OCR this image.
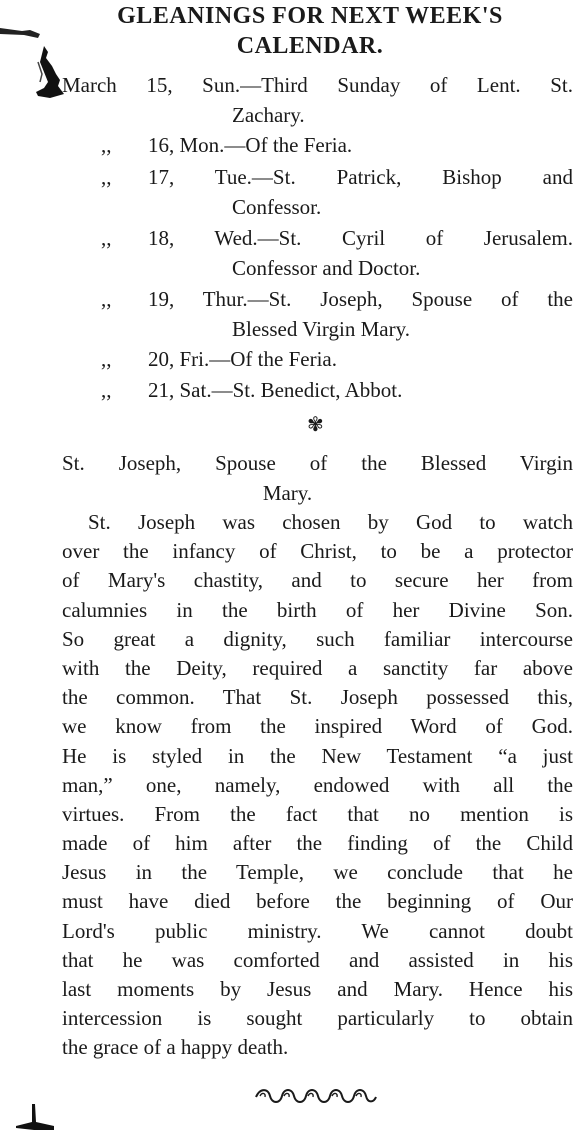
GLEANINGS FOR NEXT WEEK'S
CALENDAR.
March 15, Sun.—Third Sunday of Lent. St.
Zachary.
,, 16, Mon.—Of the Feria.
,, 17, Tue.—St. Patrick, Bishop and
Confessor.
,, 18, Wed.—St. Cyril of Jerusalem.
Confessor and Doctor.
,, 19, Thur.—St. Joseph, Spouse of the
Blessed Virgin Mary.
,, 20, Fri.—Of the Feria.
,, 21, Sat.—St. Benedict, Abbot.
✾
St. Joseph, Spouse of the Blessed Virgin
Mary.
St. Joseph was chosen by God to watch
over the infancy of Christ, to be a protector
of Mary's chastity, and to secure her from
calumnies in the birth of her Divine Son.
So great a dignity, such familiar intercourse
with the Deity, required a sanctity far above
the common. That St. Joseph possessed this,
we know from the inspired Word of God.
He is styled in the New Testament “a just
man,” one, namely, endowed with all the
virtues. From the fact that no mention is
made of him after the finding of the Child
Jesus in the Temple, we conclude that he
must have died before the beginning of Our
Lord's public ministry. We cannot doubt
that he was comforted and assisted in his
last moments by Jesus and Mary. Hence his
intercession is sought particularly to obtain
the grace of a happy death.
